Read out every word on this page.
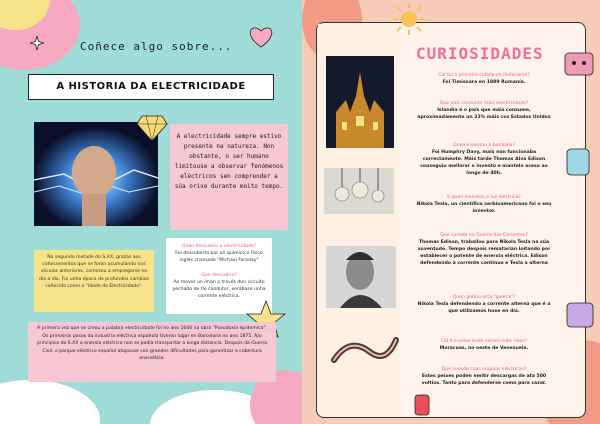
Coñece algo sobre...
A HISTORIA DA ELECTRICIDADE
A electricidade sempre estivo presente na natureza. Non obstante, o ser humano limitouse a observar fenómenos eléctricos sen comprender a súa orixe durante moito tempo.
Na segunda metade do S.XX, grazas aos coñecementos que se foron acumulando nos séculos anteriores, comezou a empregarse no día a día. Foi unha época de profundos cambios coñecida como a "Idade da Electricidade".
Quen descubriu a electricidade?
Foi descuberta por un químico e físico inglés chamado "Michael Faraday"
Que descubriu?
Ao mover un imán a través dun circuito pechado de fío condutor, xerábase unha corrente eléctrica.
A primera vez que se creou a palabra electricidade foi no ano 1646 na obra "Pseudoxia epidemica".
Os primeiros pasos da industria eléctrica española tiveron lugar en Barcelona no ano 1875. A/o principios do S.XX a enerxía eléctrica non se podía transportar a longa distancia. Despois da Guerra Civil, o parque eléctrico español atopouse con grandes dificultades para garantizar a cobertura enerxética.
CURIOSIDADES
Cal foi a primeira cidade en iluminarse?
Foi Timisoara en 1889 Rumanía.
Que país consume máis electricidade?
Islandia é o país que máis consume, aproximadamente un 23% máis cos Estados Unidos
Quen inventou a bombilla?
Foi Humphry Davy, mais non funcionaba correctamente. Máis tarde Thomas Alva Edison conseguiu mellorar o invento e mantelo aceso ao longo de 40h.
E quen inventou a luz eléctrica?
Nikola Tesla, un científico serbioamericano foi o seu inventor.
Que sucede na Guerra das Correntes?
Thomas Edison, traballou para Nikola Tesla na súa xuventude. Tempo despois rematarían loitando por establecer o potente de enerxía eléctrica. Edison defendendo a corrente continua e Tesla a alterna
Quen gañou esta "guerra"?
Nikola Tesla defendendo a corrente alterna que é a que utilizamos hoxe en día.
Cal é o peixe onde corren máis raios?
Moracuas, no oeste de Venezuela.
Que sucede coas enguias eléctricas?
Estes peixes poden emitir descargas de ata 500 voltios. Tanto para defenderse como para cazar.
